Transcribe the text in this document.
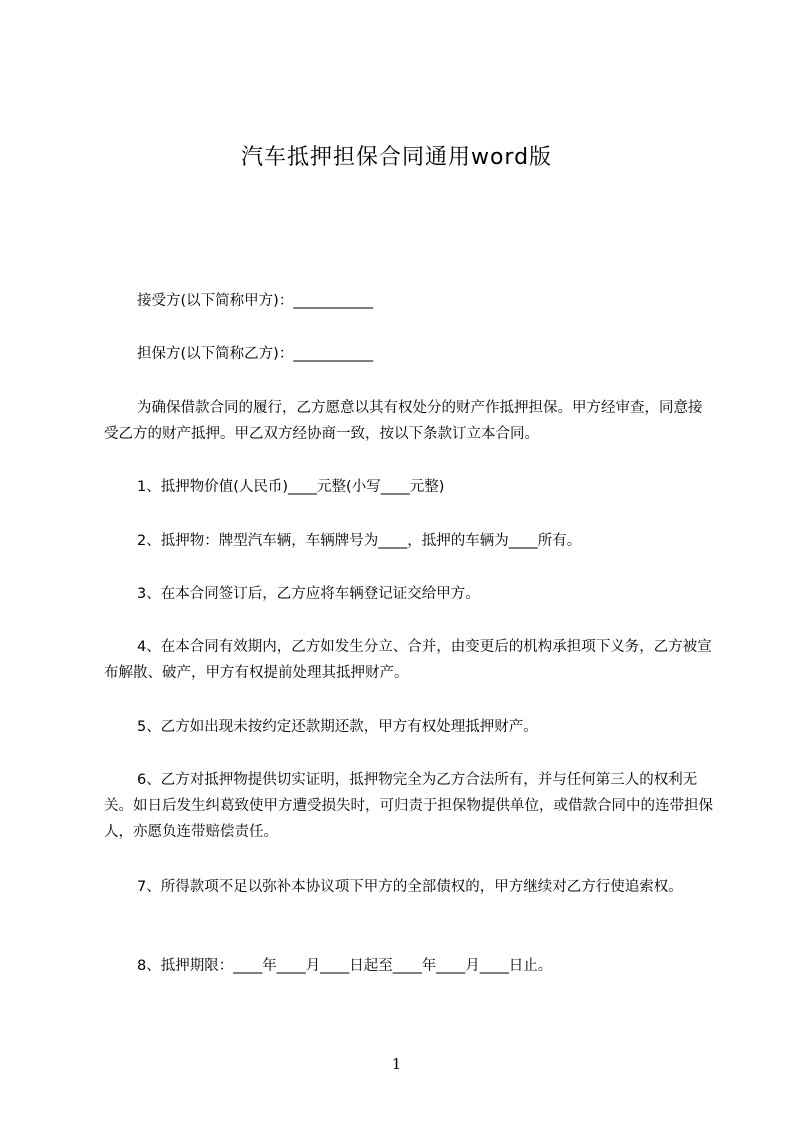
汽车抵押担保合同通用word版
接受方(以下简称甲方)：___________
担保方(以下简称乙方)：___________
为确保借款合同的履行，乙方愿意以其有权处分的财产作抵押担保。甲方经审查，同意接受乙方的财产抵押。甲乙双方经协商一致，按以下条款订立本合同。
1、抵押物价值(人民币)____元整(小写____元整)
2、抵押物：牌型汽车辆，车辆牌号为____，抵押的车辆为____所有。
3、在本合同签订后，乙方应将车辆登记证交给甲方。
4、在本合同有效期内，乙方如发生分立、合并，由变更后的机构承担项下义务，乙方被宣布解散、破产，甲方有权提前处理其抵押财产。
5、乙方如出现未按约定还款期还款，甲方有权处理抵押财产。
6、乙方对抵押物提供切实证明，抵押物完全为乙方合法所有，并与任何第三人的权利无关。如日后发生纠葛致使甲方遭受损失时，可归责于担保物提供单位，或借款合同中的连带担保人，亦愿负连带赔偿责任。
7、所得款项不足以弥补本协议项下甲方的全部债权的，甲方继续对乙方行使追索权。
8、抵押期限：____年____月____日起至____年____月____日止。
1
